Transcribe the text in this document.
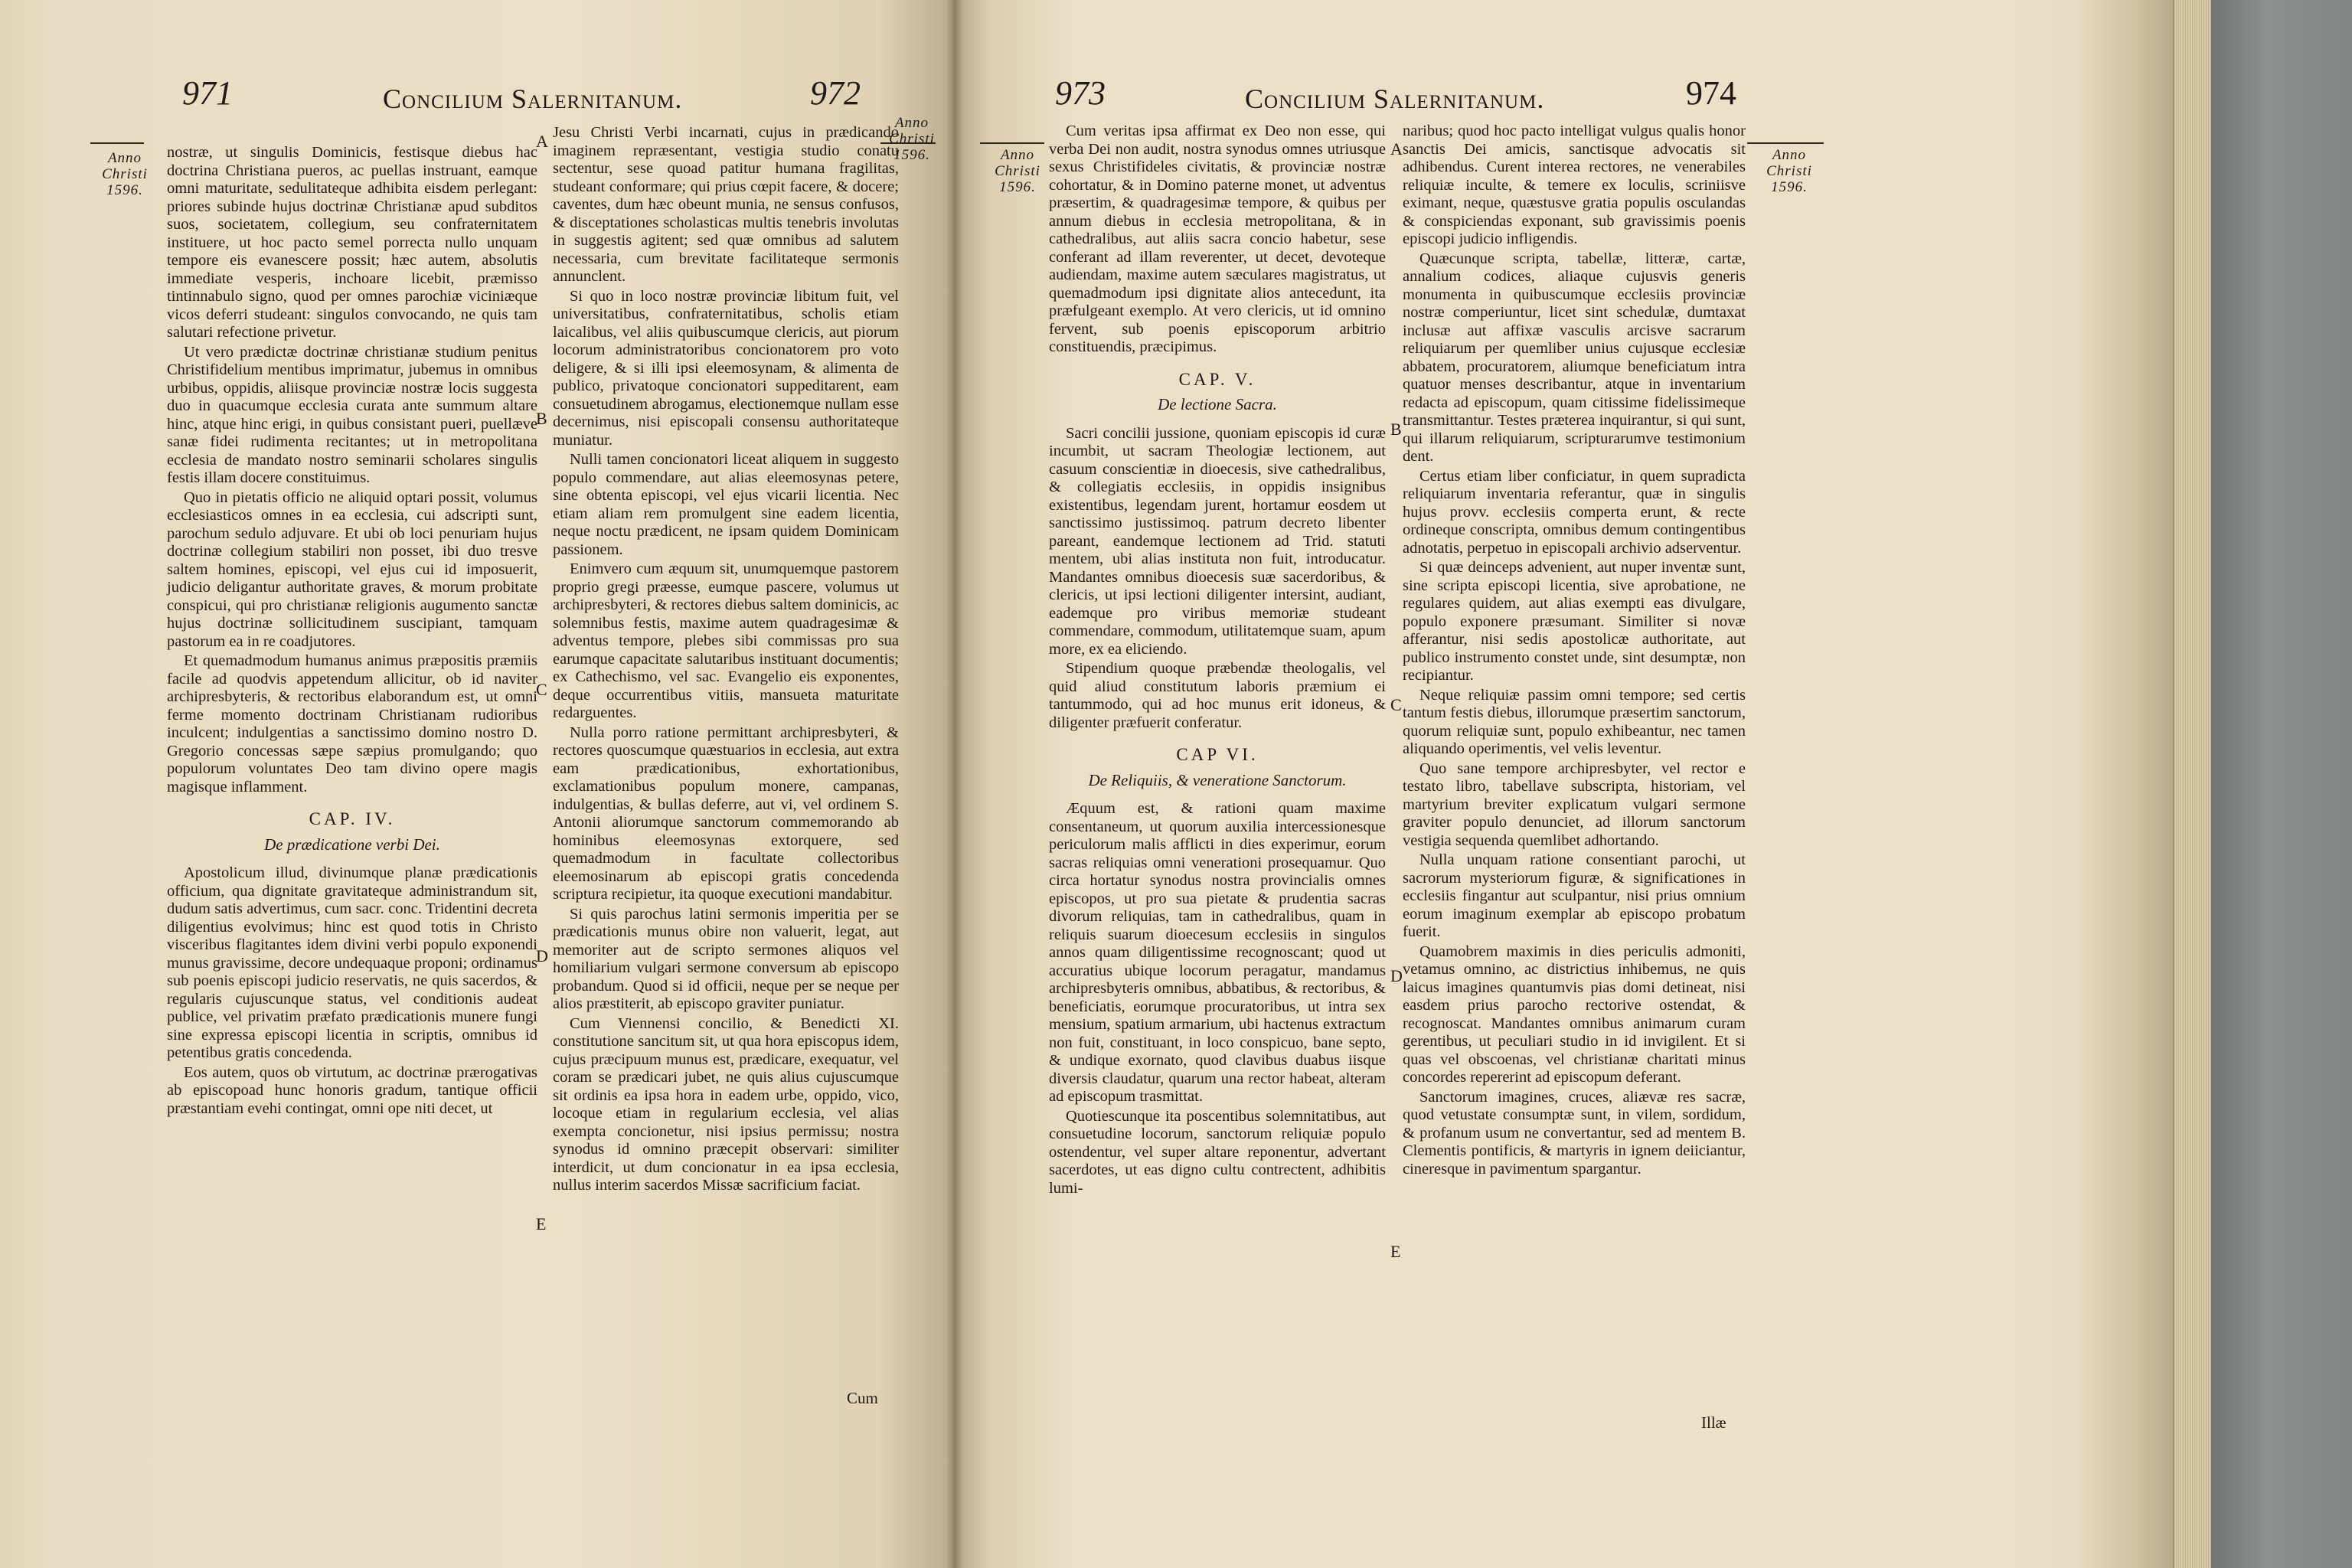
971	Concilium Salernitanum.	972
Anno
Christi
1596.
Anno
Christi
1596.

nostræ, ut singulis Dominicis, festisque diebus hac doctrina Christiana pueros, ac puellas instruant, eamque omni maturitate, sedulitateque adhibita eisdem perlegant: priores subinde hujus doctrinæ Christianæ apud subditos suos, societatem, collegium, seu confraternitatem instituere, ut hoc pacto semel porrecta nullo unquam tempore eis evanescere possit; hæc autem, absolutis immediate vesperis, inchoare licebit, præmisso tintinnabulo signo, quod per omnes parochiæ viciniæque vicos deferri studeant: singulos convocando, ne quis tam salutari refectione privetur.

Ut vero prædictæ doctrinæ christianæ studium penitus Christifidelium mentibus imprimatur, jubemus in omnibus urbibus, oppidis, aliisque provinciæ nostræ locis suggesta duo in quacumque ecclesia curata ante summum altare hinc, atque hinc erigi, in quibus consistant pueri, puellæve sanæ fidei rudimenta recitantes; ut in metropolitana ecclesia de mandato nostro seminarii scholares singulis festis illam docere constituimus.

Quo in pietatis officio ne aliquid optari possit, volumus ecclesiasticos omnes in ea ecclesia, cui adscripti sunt, parochum sedulo adjuvare. Et ubi ob loci penuriam hujus doctrinæ collegium stabiliri non posset, ibi duo tresve saltem homines, episcopi, vel ejus cui id imposuerit, judicio deligantur authoritate graves, & morum probitate conspicui, qui pro christianæ religionis augumento sanctæ hujus doctrinæ sollicitudinem suscipiant, tamquam pastorum ea in re coadjutores.

Et quemadmodum humanus animus præpositis præmiis facile ad quodvis appetendum allicitur, ob id naviter archipresbyteris, & rectoribus elaborandum est, ut omni ferme momento doctrinam Christianam rudioribus inculcent; indulgentias a sanctissimo domino nostro D. Gregorio concessas sæpe sæpius promulgando; quo populorum voluntates Deo tam divino opere magis magisque inflamment.

CAP. IV.
De prædicatione verbi Dei.

Apostolicum illud, divinumque planæ prædicationis officium, qua dignitate gravitateque administrandum sit, dudum satis advertimus, cum sacr. conc. Tridentini decreta diligentius evolvimus; hinc est quod totis in Christo visceribus flagitantes idem divini verbi populo exponendi munus gravissime, decore undequaque proponi; ordinamus sub poenis episcopi judicio reservatis, ne quis sacerdos, & regularis cujuscunque status, vel conditionis audeat publice, vel privatim præfato prædicationis munere fungi sine expressa episcopi licentia in scriptis, omnibus id petentibus gratis concedenda.

Eos autem, quos ob virtutum, ac doctrinæ prærogativas ab episcopoad hunc honoris gradum, tantique officii præstantiam evehi contingat, omni ope niti decet, ut

Jesu Christi Verbi incarnati, cujus in prædicando imaginem repræsentant, vestigia studio conatu sectentur, sese quoad patitur humana fragilitas, studeant conformare; qui prius cœpit facere, & docere; caventes, dum hæc obeunt munia, ne sensus confusos, & disceptationes scholasticas multis tenebris involutas in suggestis agitent; sed quæ omnibus ad salutem necessaria, cum brevitate facilitateque sermonis annunclent.

Si quo in loco nostræ provinciæ libitum fuit, vel universitatibus, confraternitatibus, scholis etiam laicalibus, vel aliis quibuscumque clericis, aut piorum locorum administratoribus concionatorem pro voto deligere, & si illi ipsi eleemosynam, & alimenta de publico, privatoque concionatori suppeditarent, eam consuetudinem abrogamus, electionemque nullam esse decernimus, nisi episcopali consensu authoritateque muniatur.

Nulli tamen concionatori liceat aliquem in suggesto populo commendare, aut alias eleemosynas petere, sine obtenta episcopi, vel ejus vicarii licentia. Nec etiam aliam rem promulgent sine eadem licentia, neque noctu prædicent, ne ipsam quidem Dominicam passionem.

Enimvero cum æquum sit, unumquemque pastorem proprio gregi præesse, eumque pascere, volumus ut archipresbyteri, & rectores diebus saltem dominicis, ac solemnibus festis, maxime autem quadragesimæ & adventus tempore, plebes sibi commissas pro sua earumque capacitate salutaribus instituant documentis; ex Cathechismo, vel sac. Evangelio eis exponentes, deque occurrentibus vitiis, mansueta maturitate redarguentes.

Nulla porro ratione permittant archipresbyteri, & rectores quoscumque quæstuarios in ecclesia, aut extra eam prædicationibus, exhortationibus, exclamationibus populum monere, campanas, indulgentias, & bullas deferre, aut vi, vel ordinem S. Antonii aliorumque sanctorum commemorando ab hominibus eleemosynas extorquere, sed quemadmodum in facultate collectoribus eleemosinarum ab episcopi gratis concedenda scriptura recipietur, ita quoque executioni mandabitur.

Si quis parochus latini sermonis imperitia per se prædicationis munus obire non valuerit, legat, aut memoriter aut de scripto sermones aliquos vel homiliarium vulgari sermone conversum ab episcopo probandum. Quod si id officii, neque per se neque per alios præstiterit, ab episcopo graviter puniatur.

Cum Viennensi concilio, & Benedicti XI. constitutione sancitum sit, ut qua hora episcopus idem, cujus præcipuum munus est, prædicare, exequatur, vel coram se prædicari jubet, ne quis alius cujuscumque sit ordinis ea ipsa hora in eadem urbe, oppido, vico, locoque etiam in regularium ecclesia, vel alias exempta concionetur, nisi ipsius permissu; nostra synodus id omnino præcepit observari: similiter interdicit, ut dum concionatur in ea ipsa ecclesia, nullus interim sacerdos Missæ sacrificium faciat.

Cum
A
B
C
D
E
973	Concilium Salernitanum.	974
Anno
Christi
1596.
Anno
Christi
1596.

Cum veritas ipsa affirmat ex Deo non esse, qui verba Dei non audit, nostra synodus omnes utriusque sexus Christifideles civitatis, & provinciæ nostræ cohortatur, & in Domino paterne monet, ut adventus præsertim, & quadragesimæ tempore, & quibus per annum diebus in ecclesia metropolitana, & in cathedralibus, aut aliis sacra concio habetur, sese conferant ad illam reverenter, ut decet, devoteque audiendam, maxime autem sæculares magistratus, ut quemadmodum ipsi dignitate alios antecedunt, ita præfulgeant exemplo. At vero clericis, ut id omnino fervent, sub poenis episcoporum arbitrio constituendis, præcipimus.

CAP. V.
De lectione Sacra.

Sacri concilii jussione, quoniam episcopis id curæ incumbit, ut sacram Theologiæ lectionem, aut casuum conscientiæ in dioecesis, sive cathedralibus, & collegiatis ecclesiis, in oppidis insignibus existentibus, legendam jurent, hortamur eosdem ut sanctissimo justissimoq. patrum decreto libenter pareant, eandemque lectionem ad Trid. statuti mentem, ubi alias instituta non fuit, introducatur. Mandantes omnibus dioecesis suæ sacerdoribus, & clericis, ut ipsi lectioni diligenter intersint, audiant, eademque pro viribus memoriæ studeant commendare, commodum, utilitatemque suam, apum more, ex ea eliciendo.

Stipendium quoque præbendæ theologalis, vel quid aliud constitutum laboris præmium ei tantummodo, qui ad hoc munus erit idoneus, & diligenter præfuerit conferatur.

CAP VI.
De Reliquiis, & veneratione Sanctorum.

Æquum est, & rationi quam maxime consentaneum, ut quorum auxilia intercessionesque periculorum malis afflicti in dies experimur, eorum sacras reliquias omni venerationi prosequamur. Quo circa hortatur synodus nostra provincialis omnes episcopos, ut pro sua pietate & prudentia sacras divorum reliquias, tam in cathedralibus, quam in reliquis suarum dioecesum ecclesiis in singulos annos quam diligentissime recognoscant; quod ut accuratius ubique locorum peragatur, mandamus archipresbyteris omnibus, abbatibus, & rectoribus, & beneficiatis, eorumque procuratoribus, ut intra sex mensium, spatium armarium, ubi hactenus extractum non fuit, constituant, in loco conspicuo, bane septo, & undique exornato, quod clavibus duabus iisque diversis claudatur, quarum una rector habeat, alteram ad episcopum trasmittat.

Quotiescunque ita poscentibus solemnitatibus, aut consuetudine locorum, sanctorum reliquiæ populo ostendentur, vel super altare reponentur, advertant sacerdotes, ut eas digno cultu contrectent, adhibitis lumi-

naribus; quod hoc pacto intelligat vulgus qualis honor sanctis Dei amicis, sanctisque advocatis sit adhibendus. Curent interea rectores, ne venerabiles reliquiæ inculte, & temere ex loculis, scriniisve eximant, neque, quæstusve gratia populis osculandas & conspiciendas exponant, sub gravissimis poenis episcopi judicio infligendis.

Quæcunque scripta, tabellæ, litteræ, cartæ, annalium codices, aliaque cujusvis generis monumenta in quibuscumque ecclesiis provinciæ nostræ comperiuntur, licet sint schedulæ, dumtaxat inclusæ aut affixæ vasculis arcisve sacrarum reliquiarum per quemliber unius cujusque ecclesiæ abbatem, procuratorem, aliumque beneficiatum intra quatuor menses describantur, atque in inventarium redacta ad episcopum, quam citissime fidelissimeque transmittantur. Testes præterea inquirantur, si qui sunt, qui illarum reliquiarum, scripturarumve testimonium dent.

Certus etiam liber conficiatur, in quem supradicta reliquiarum inventaria referantur, quæ in singulis hujus provv. ecclesiis comperta erunt, & recte ordineque conscripta, omnibus demum contingentibus adnotatis, perpetuo in episcopali archivio adserventur.

Si quæ deinceps advenient, aut nuper inventæ sunt, sine scripta episcopi licentia, sive aprobatione, ne regulares quidem, aut alias exempti eas divulgare, populo exponere præsumant. Similiter si novæ afferantur, nisi sedis apostolicæ authoritate, aut publico instrumento constet unde, sint desumptæ, non recipiantur.

Neque reliquiæ passim omni tempore; sed certis tantum festis diebus, illorumque præsertim sanctorum, quorum reliquiæ sunt, populo exhibeantur, nec tamen aliquando operimentis, vel velis leventur.

Quo sane tempore archipresbyter, vel rector e testato libro, tabellave subscripta, historiam, vel martyrium breviter explicatum vulgari sermone graviter populo denunciet, ad illorum sanctorum vestigia sequenda quemlibet adhortando.

Nulla unquam ratione consentiant parochi, ut sacrorum mysteriorum figuræ, & significationes in ecclesiis fingantur aut sculpantur, nisi prius omnium eorum imaginum exemplar ab episcopo probatum fuerit.

Quamobrem maximis in dies periculis admoniti, vetamus omnino, ac districtius inhibemus, ne quis laicus imagines quantumvis pias domi detineat, nisi easdem prius parocho rectorive ostendat, & recognoscat. Mandantes omnibus animarum curam gerentibus, ut peculiari studio in id invigilent. Et si quas vel obscoenas, vel christianæ charitati minus concordes repererint ad episcopum deferant.

Sanctorum imagines, cruces, aliævæ res sacræ, quod vetustate consumptæ sunt, in vilem, sordidum, & profanum usum ne convertantur, sed ad mentem B. Clementis pontificis, & martyris in ignem deiiciantur, cineresque in pavimentum spargantur.

Illæ
A
B
C
D
E
